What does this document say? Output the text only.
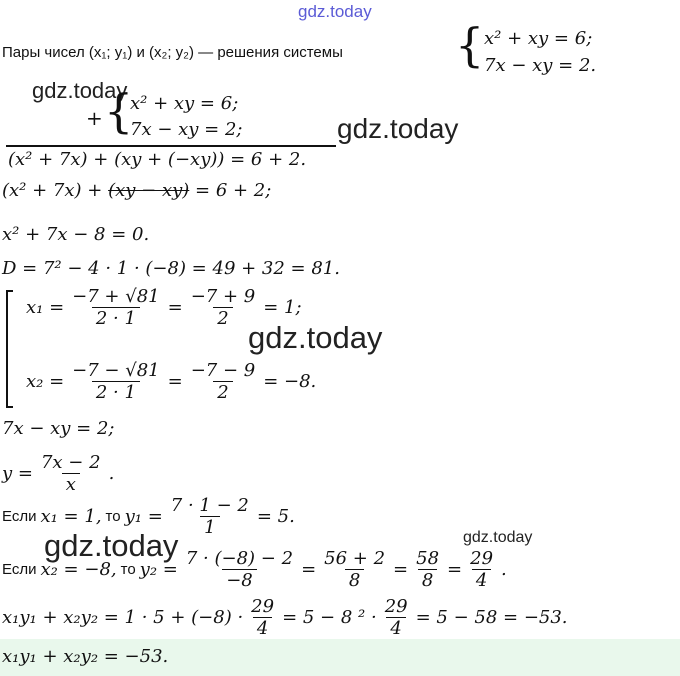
gdz.today
gdz.today
gdz.today
gdz.today
gdz.today
gdz.today
Пары чисел (x₁; y₁) и (x₂; y₂) — решения системы { x² + xy = 6;
7x − xy = 2.
+ {
x² + xy = 6;
7x − xy = 2;
(x² + 7x) + (xy + (−xy)) = 6 + 2.
(x² + 7x) + (xy − xy) = 6 + 2;
x² + 7x − 8 = 0.
D = 7² − 4 · 1 · (−8) = 49 + 32 = 81.
$x_1 = \frac{-7 + √81}{2 \cdot 1} = \frac{-7 + 9}{2} = 1$;
$x_2 = \frac{-7 - √81}{2 \cdot 1} = \frac{-7 - 9}{2} = -8$.
7x − xy = 2;
$y = \frac{7x - 2}{x}$ .
Если x₁ = 1, то $y_1 = \frac{7 \cdot 1 - 2}{1} = 5$.
Если x₂ = −8, то $y_2 = \frac{7 \cdot (-8) - 2}{-8} = \frac{56 + 2}{8} = \frac{58}{8} = \frac{29}{4}$ .
$x_1y_1 + x_2y_2 = 1 \cdot 5 + (-8) \cdot \frac{29}{4} = 5 - 8$ $^2 \cdot \frac{29}{4} = 5 - 58 = -53$.
x₁y₁ + x₂y₂ = −53.
